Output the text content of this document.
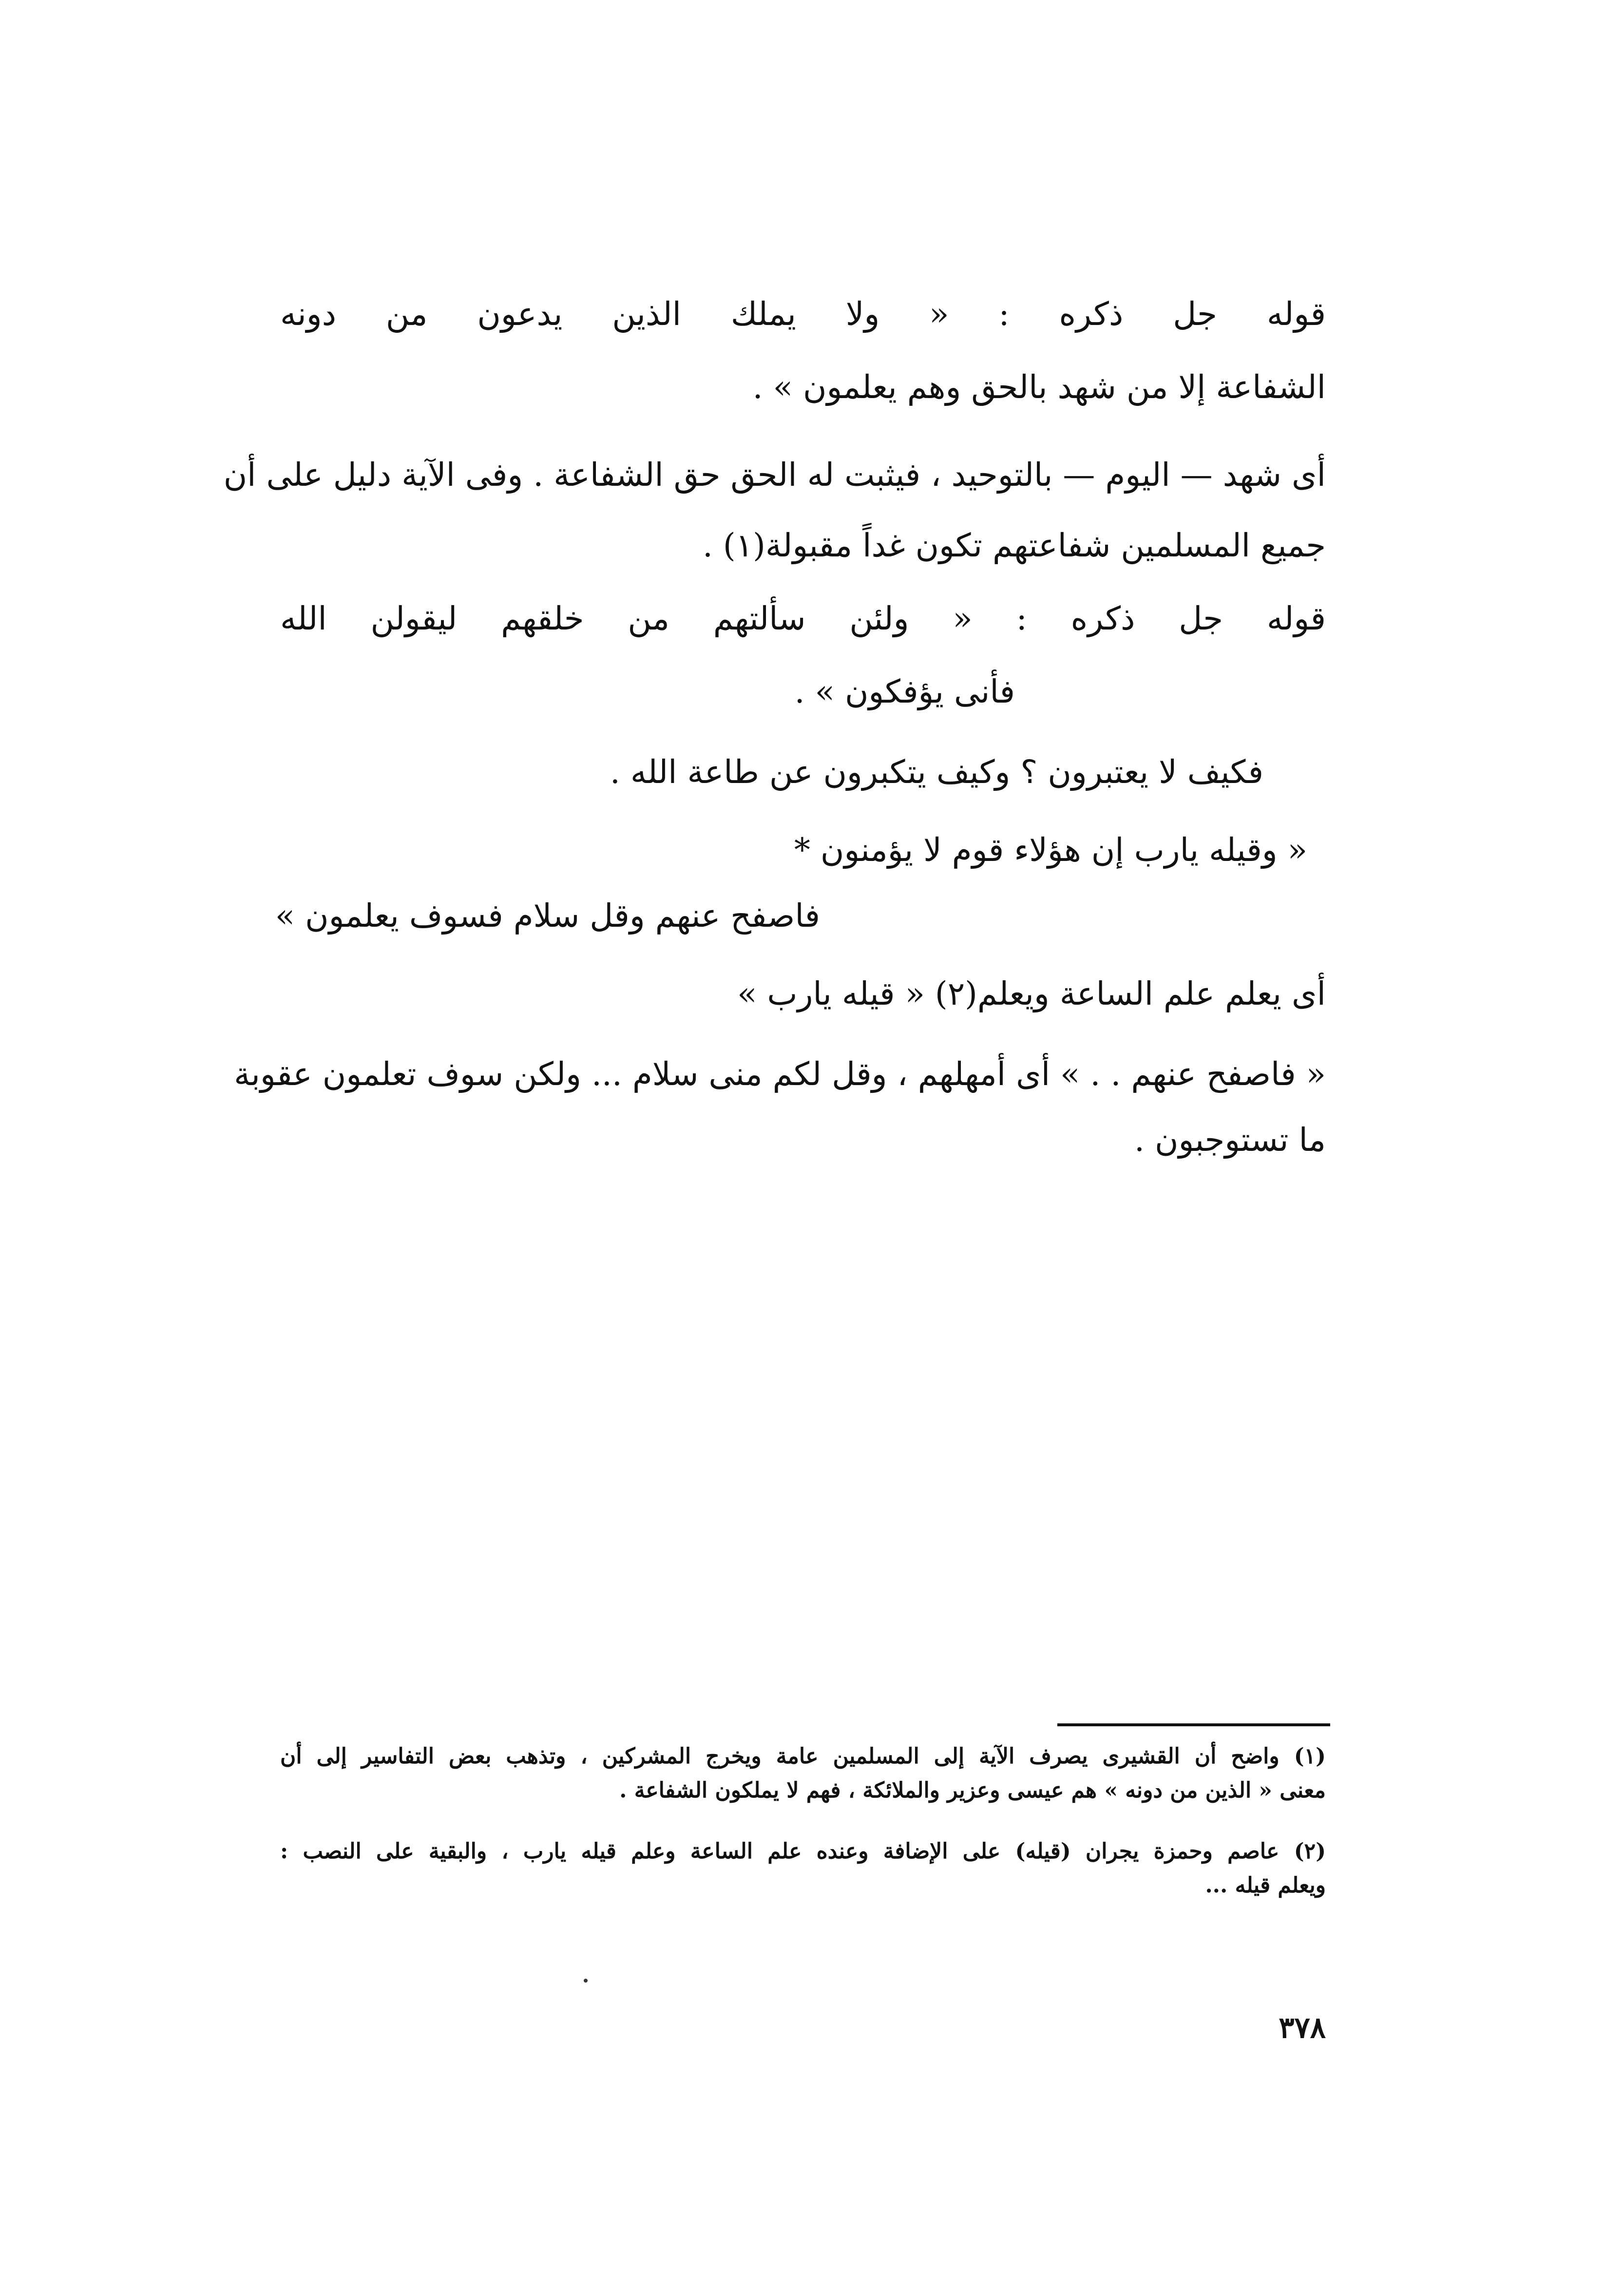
قوله جل ذكره : « ولا يملك الذين يدعون من دونه
الشفاعة إلا من شهد بالحق وهم يعلمون » .
أى شهد — اليوم — بالتوحيد ، فيثبت له الحق حق الشفاعة . وفى الآية دليل على أن
جميع المسلمين شفاعتهم تكون غداً مقبولة(١) .
قوله جل ذكره : « ولئن سألتهم من خلقهم ليقولن الله
فأنى يؤفكون » .
فكيف لا يعتبرون ؟ وكيف يتكبرون عن طاعة الله .
« وقيله يارب إن هؤلاء قوم لا يؤمنون *
فاصفح عنهم وقل سلام فسوف يعلمون »
أى يعلم علم الساعة ويعلم(٢) « قيله يارب »
« فاصفح عنهم . . » أى أمهلهم ، وقل لكم منى سلام ... ولكن سوف تعلمون عقوبة
ما تستوجبون .
(١) واضح أن القشيرى يصرف الآية إلى المسلمين عامة ويخرج المشركين ، وتذهب بعض التفاسير إلى أن
معنى « الذين من دونه » هم عيسى وعزير والملائكة ، فهم لا يملكون الشفاعة .
(٢) عاصم وحمزة يجران (قيله) على الإضافة وعنده علم الساعة وعلم قيله يارب ، والبقية على النصب :
ويعلم قيله ...
٣٧٨
